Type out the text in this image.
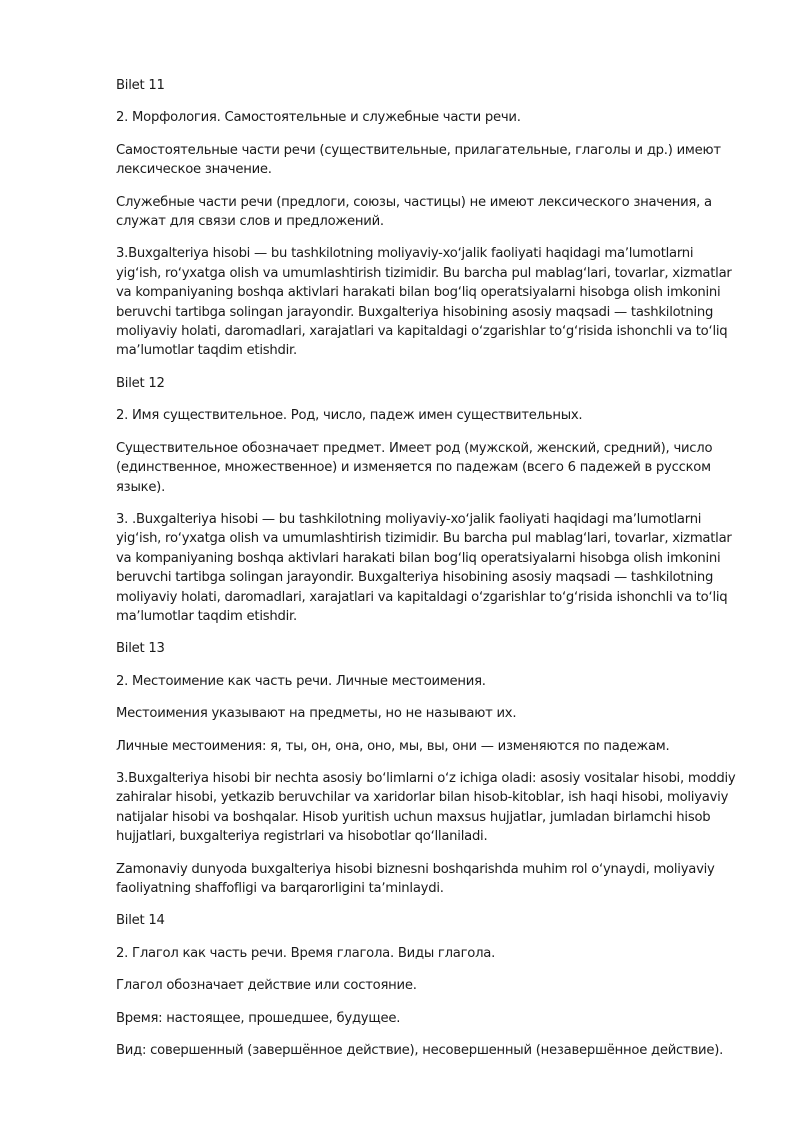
Bilet 11

2. Морфология. Самостоятельные и служебные части речи.

Самостоятельные части речи (существительные, прилагательные, глаголы и др.) имеют лексическое значение.

Служебные части речи (предлоги, союзы, частицы) не имеют лексического значения, а служат для связи слов и предложений.

3.Buxgalteriya hisobi — bu tashkilotning moliyaviy-xoʻjalik faoliyati haqidagi maʼlumotlarni yigʻish, roʻyxatga olish va umumlashtirish tizimidir. Bu barcha pul mablagʻlari, tovarlar, xizmatlar va kompaniyaning boshqa aktivlari harakati bilan bogʻliq operatsiyalarni hisobga olish imkonini beruvchi tartibga solingan jarayondir. Buxgalteriya hisobining asosiy maqsadi — tashkilotning moliyaviy holati, daromadlari, xarajatlari va kapitaldagi oʻzgarishlar toʻgʻrisida ishonchli va toʻliq maʼlumotlar taqdim etishdir.

Bilet 12

2. Имя существительное. Род, число, падеж имен существительных.

Существительное обозначает предмет. Имеет род (мужской, женский, средний), число (единственное, множественное) и изменяется по падежам (всего 6 падежей в русском языке).

3. .Buxgalteriya hisobi — bu tashkilotning moliyaviy-xoʻjalik faoliyati haqidagi maʼlumotlarni yigʻish, roʻyxatga olish va umumlashtirish tizimidir. Bu barcha pul mablagʻlari, tovarlar, xizmatlar va kompaniyaning boshqa aktivlari harakati bilan bogʻliq operatsiyalarni hisobga olish imkonini beruvchi tartibga solingan jarayondir. Buxgalteriya hisobining asosiy maqsadi — tashkilotning moliyaviy holati, daromadlari, xarajatlari va kapitaldagi oʻzgarishlar toʻgʻrisida ishonchli va toʻliq maʼlumotlar taqdim etishdir.

Bilet 13

2. Местоимение как часть речи. Личные местоимения.

Местоимения указывают на предметы, но не называют их.

Личные местоимения: я, ты, он, она, оно, мы, вы, они — изменяются по падежам.

3.Buxgalteriya hisobi bir nechta asosiy boʻlimlarni oʻz ichiga oladi: asosiy vositalar hisobi, moddiy zahiralar hisobi, yetkazib beruvchilar va xaridorlar bilan hisob-kitoblar, ish haqi hisobi, moliyaviy natijalar hisobi va boshqalar. Hisob yuritish uchun maxsus hujjatlar, jumladan birlamchi hisob hujjatlari, buxgalteriya registrlari va hisobotlar qoʻllaniladi.

Zamonaviy dunyoda buxgalteriya hisobi biznesni boshqarishda muhim rol oʻynaydi, moliyaviy faoliyatning shaffofligi va barqarorligini taʼminlaydi.

Bilet 14

2. Глагол как часть речи. Время глагола. Виды глагола.

Глагол обозначает действие или состояние.

Время: настоящее, прошедшее, будущее.

Вид: совершенный (завершённое действие), несовершенный (незавершённое действие).
